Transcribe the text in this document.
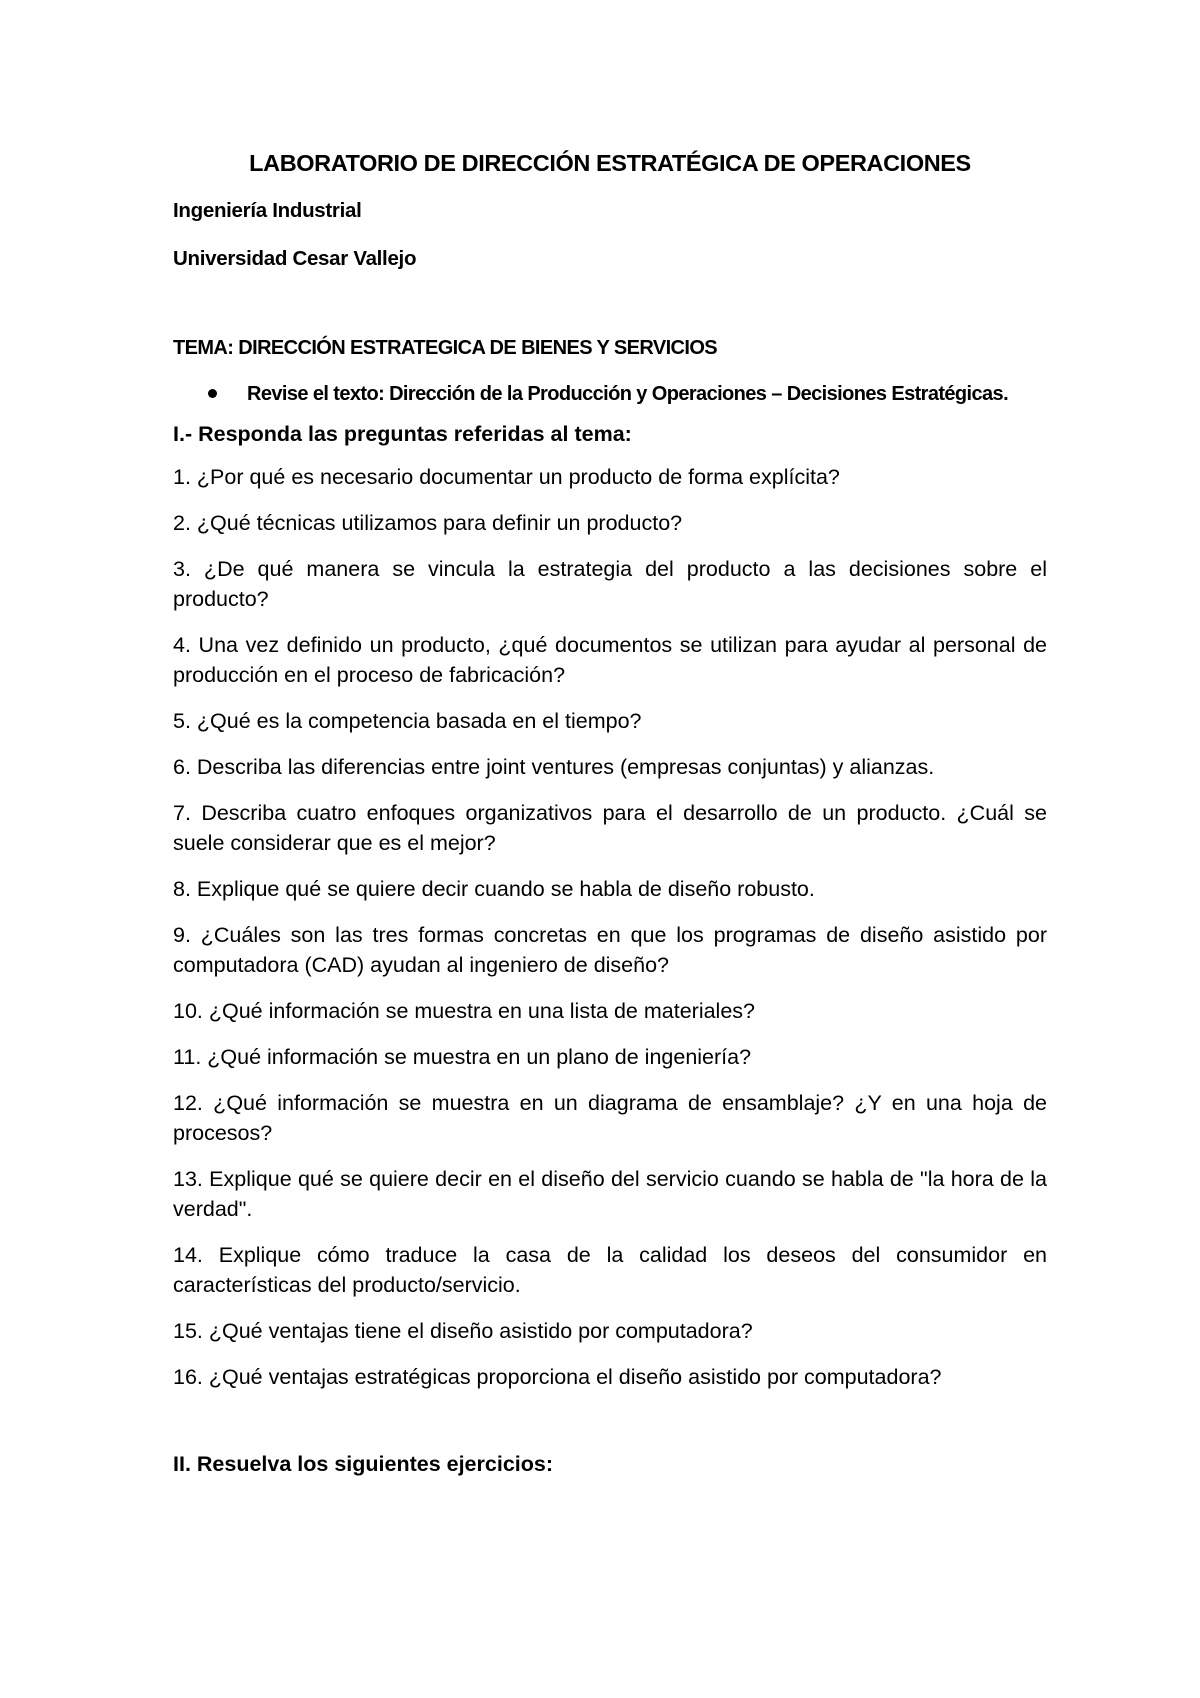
LABORATORIO DE DIRECCIÓN ESTRATÉGICA DE OPERACIONES

Ingeniería Industrial

Universidad Cesar Vallejo

TEMA: DIRECCIÓN ESTRATEGICA DE BIENES Y SERVICIOS

Revise el texto: Dirección de la Producción y Operaciones – Decisiones Estratégicas.
I.- Responda las preguntas referidas al tema:

1. ¿Por qué es necesario documentar un producto de forma explícita?

2. ¿Qué técnicas utilizamos para definir un producto?

3. ¿De qué manera se vincula la estrategia del producto a las decisiones sobre el producto?

4. Una vez definido un producto, ¿qué documentos se utilizan para ayudar al personal de producción en el proceso de fabricación?

5. ¿Qué es la competencia basada en el tiempo?

6. Describa las diferencias entre joint ventures (empresas conjuntas) y alianzas.

7. Describa cuatro enfoques organizativos para el desarrollo de un producto. ¿Cuál se suele considerar que es el mejor?

8. Explique qué se quiere decir cuando se habla de diseño robusto.

9. ¿Cuáles son las tres formas concretas en que los programas de diseño asistido por computadora (CAD) ayudan al ingeniero de diseño?

10. ¿Qué información se muestra en una lista de materiales?

11. ¿Qué información se muestra en un plano de ingeniería?

12. ¿Qué información se muestra en un diagrama de ensamblaje? ¿Y en una hoja de procesos?

13. Explique qué se quiere decir en el diseño del servicio cuando se habla de "la hora de la verdad".

14. Explique cómo traduce la casa de la calidad los deseos del consumidor en características del producto/servicio.

15. ¿Qué ventajas tiene el diseño asistido por computadora?

16. ¿Qué ventajas estratégicas proporciona el diseño asistido por computadora?

II. Resuelva los siguientes ejercicios:
